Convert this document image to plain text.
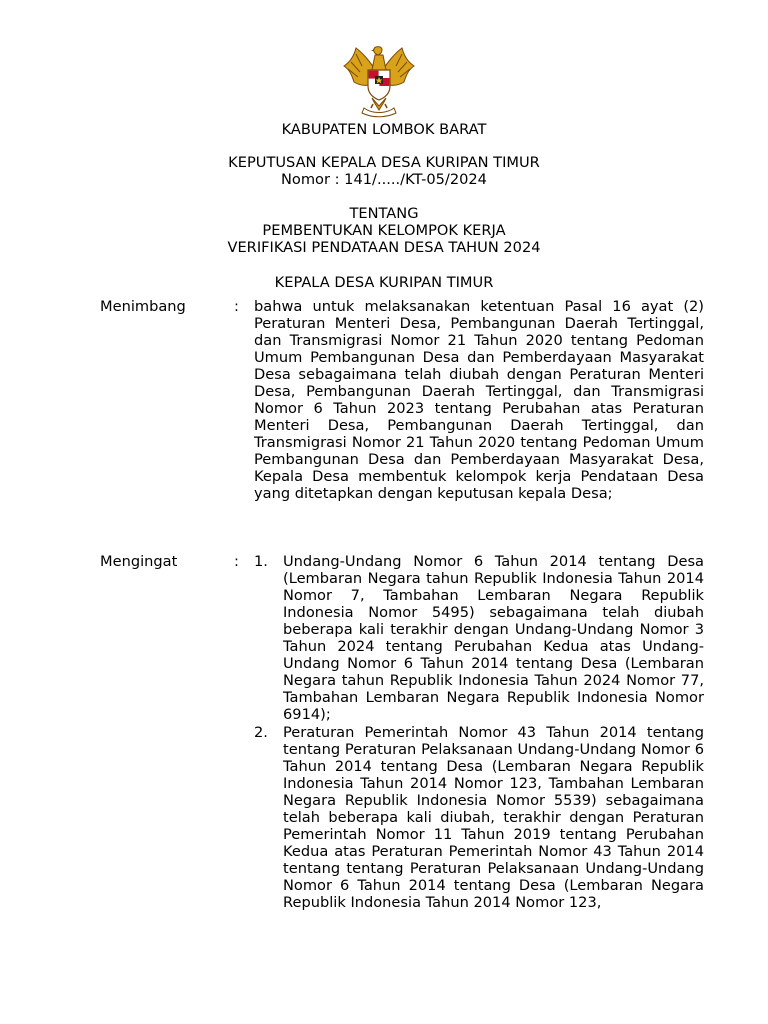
KABUPATEN LOMBOK BARAT
KEPUTUSAN KEPALA DESA KURIPAN TIMUR
Nomor : 141/...../KT-05/2024
TENTANG
PEMBENTUKAN KELOMPOK KERJA
VERIFIKASI PENDATAAN DESA TAHUN 2024
KEPALA DESA KURIPAN TIMUR
Menimbang	: bahwa untuk melaksanakan ketentuan Pasal 16 ayat (2) Peraturan Menteri Desa, Pembangunan Daerah Tertinggal, dan Transmigrasi Nomor 21 Tahun 2020 tentang Pedoman Umum Pembangunan Desa dan Pemberdayaan Masyarakat Desa sebagaimana telah diubah dengan Peraturan Menteri Desa, Pembangunan Daerah Tertinggal, dan Transmigrasi Nomor 6 Tahun 2023 tentang Perubahan atas Peraturan Menteri Desa, Pembangunan Daerah Tertinggal, dan Transmigrasi Nomor 21 Tahun 2020 tentang Pedoman Umum Pembangunan Desa dan Pemberdayaan Masyarakat Desa, Kepala Desa membentuk kelompok kerja Pendataan Desa yang ditetapkan dengan keputusan kepala Desa;
Mengingat	: 1. Undang-Undang Nomor 6 Tahun 2014 tentang Desa (Lembaran Negara tahun Republik Indonesia Tahun 2014 Nomor 7, Tambahan Lembaran Negara Republik Indonesia Nomor 5495) sebagaimana telah diubah beberapa kali terakhir dengan Undang-Undang Nomor 3 Tahun 2024 tentang Perubahan Kedua atas Undang-Undang Nomor 6 Tahun 2014 tentang Desa (Lembaran Negara tahun Republik Indonesia Tahun 2024 Nomor 77, Tambahan Lembaran Negara Republik Indonesia Nomor 6914);
2. Peraturan Pemerintah Nomor 43 Tahun 2014 tentang tentang Peraturan Pelaksanaan Undang-Undang Nomor 6 Tahun 2014 tentang Desa (Lembaran Negara Republik Indonesia Tahun 2014 Nomor 123, Tambahan Lembaran Negara Republik Indonesia Nomor 5539) sebagaimana telah beberapa kali diubah, terakhir dengan Peraturan Pemerintah Nomor 11 Tahun 2019 tentang Perubahan Kedua atas Peraturan Pemerintah Nomor 43 Tahun 2014 tentang tentang Peraturan Pelaksanaan Undang-Undang Nomor 6 Tahun 2014 tentang Desa (Lembaran Negara Republik Indonesia Tahun 2014 Nomor 123,
